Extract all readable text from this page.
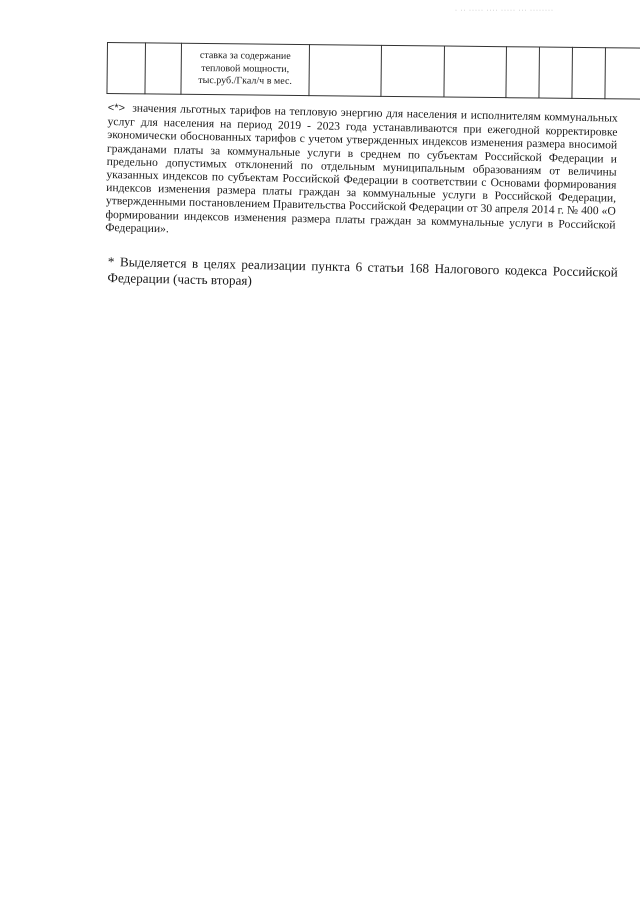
· ·· ····· ···· ····· ··· ········
		ставка за содержание тепловой мощности, тыс.руб./Гкал/ч в мес.									

<*> значения льготных тарифов на тепловую энергию для населения и исполнителям коммунальных услуг для населения на период 2019 - 2023 года устанавливаются при ежегодной корректировке экономически обоснованных тарифов с учетом утвержденных индексов изменения размера вносимой гражданами платы за коммунальные услуги в среднем по субъектам Российской Федерации и предельно допустимых отклонений по отдельным муниципальным образованиям от величины указанных индексов по субъектам Российской Федерации в соответствии с Основами формирования индексов изменения размера платы граждан за коммунальные услуги в Российской Федерации, утвержденными постановлением Правительства Российской Федерации от 30 апреля 2014 г. № 400 «О формировании индексов изменения размера платы граждан за коммунальные услуги в Российской Федерации».

* Выделяется в целях реализации пункта 6 статьи 168 Налогового кодекса Российской Федерации (часть вторая)
